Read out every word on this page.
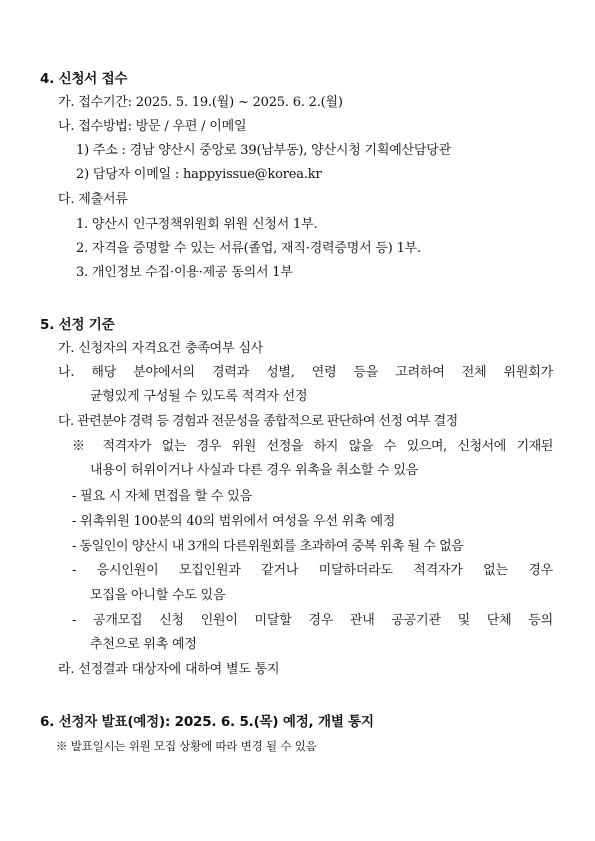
4. 신청서 접수
가. 접수기간: 2025. 5. 19.(월) ~ 2025. 6. 2.(월)
나. 접수방법: 방문 / 우편 / 이메일
1) 주소 : 경남 양산시 중앙로 39(남부동), 양산시청 기획예산담당관
2) 담당자 이메일 : happyissue@korea.kr
다. 제출서류
1. 양산시 인구정책위원회 위원 신청서 1부.
2. 자격을 증명할 수 있는 서류(졸업, 재직·경력증명서 등) 1부.
3. 개인정보 수집·이용·제공 동의서 1부
5. 선정 기준
가. 신청자의 자격요건 충족여부 심사
나. 해당 분야에서의 경력과 성별, 연령 등을 고려하여 전체 위원회가
균형있게 구성될 수 있도록 적격자 선정
다. 관련분야 경력 등 경험과 전문성을 종합적으로 판단하여 선정 여부 결정
※ 적격자가 없는 경우 위원 선정을 하지 않을 수 있으며, 신청서에 기재된
내용이 허위이거나 사실과 다른 경우 위촉을 취소할 수 있음
- 필요 시 자체 면접을 할 수 있음
- 위촉위원 100분의 40의 범위에서 여성을 우선 위촉 예정
- 동일인이 양산시 내 3개의 다른위원회를 초과하여 중복 위촉 될 수 없음
- 응시인원이 모집인원과 같거나 미달하더라도 적격자가 없는 경우
모집을 아니할 수도 있음
- 공개모집 신청 인원이 미달할 경우 관내 공공기관 및 단체 등의
추천으로 위촉 예정
라. 선정결과 대상자에 대하여 별도 통지
6. 선정자 발표(예정): 2025. 6. 5.(목) 예정, 개별 통지
※ 발표일시는 위원 모집 상황에 따라 변경 될 수 있음
